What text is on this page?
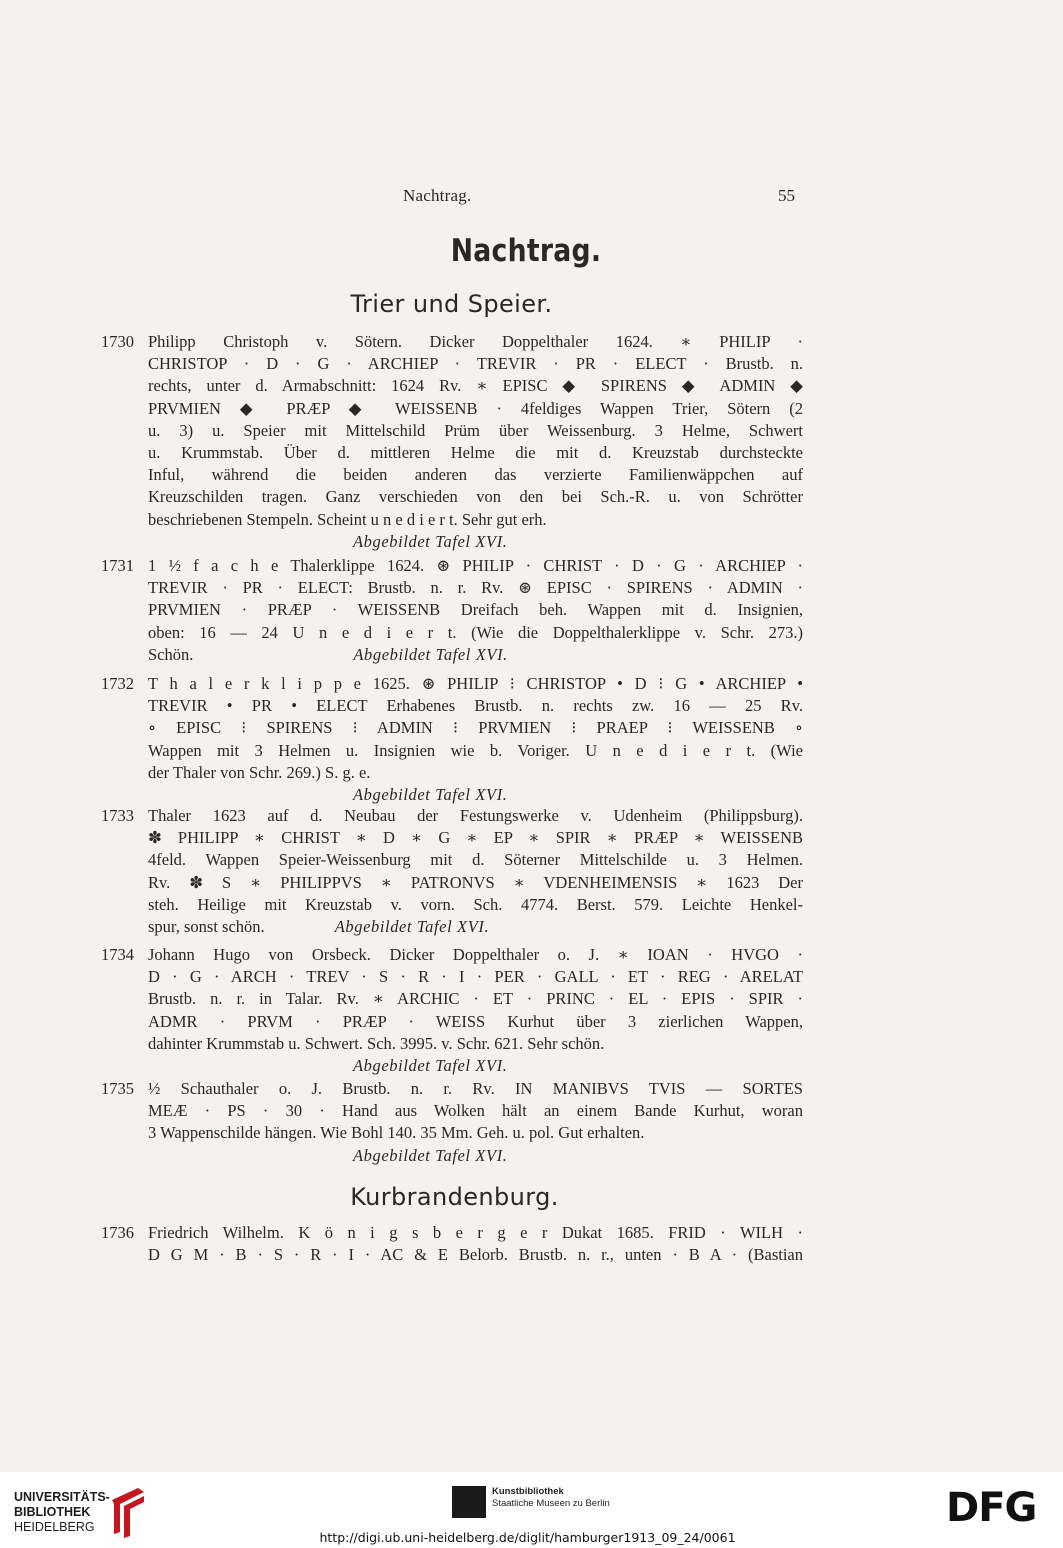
Nachtrag.	55
Nachtrag.
Trier und Speier.
1730 Philipp Christoph v. Sötern. Dicker Doppelthaler 1624. ∗ PHILIP ·
CHRISTOP · D · G · ARCHIEP · TREVIR · PR · ELECT · Brustb. n.
rechts, unter d. Armabschnitt: 1624 Rv. ∗ EPISC ◆ SPIRENS ◆ ADMIN ◆
PRVMIEN ◆ PRÆP ◆ WEISSENB · 4feldiges Wappen Trier, Sötern (2
u. 3) u. Speier mit Mittelschild Prüm über Weissenburg. 3 Helme, Schwert
u. Krummstab. Über d. mittleren Helme die mit d. Kreuzstab durchsteckte
Inful, während die beiden anderen das verzierte Familienwäppchen auf
Kreuzschilden tragen. Ganz verschieden von den bei Sch.-R. u. von Schrötter
beschriebenen Stempeln. Scheint u n e d i e r t. Sehr gut erh.
Abgebildet Tafel XVI.
1731 1 ½ f a c h e Thalerklippe 1624. ⊛ PHILIP · CHRIST · D · G · ARCHIEP ·
TREVIR · PR · ELECT: Brustb. n. r. Rv. ⊛ EPISC · SPIRENS · ADMIN ·
PRVMIEN · PRÆP · WEISSENB Dreifach beh. Wappen mit d. Insignien,
oben: 16 — 24 U n e d i e r t. (Wie die Doppelthalerklippe v. Schr. 273.)
Schön.	Abgebildet Tafel XVI.
1732 T h a l e r k l i p p e 1625. ⊛ PHILIP ⁝ CHRISTOP • D ⁝ G • ARCHIEP •
TREVIR • PR • ELECT Erhabenes Brustb. n. rechts zw. 16 — 25 Rv.
∘ EPISC ⁝ SPIRENS ⁝ ADMIN ⁝ PRVMIEN ⁝ PRAEP ⁝ WEISSENB ∘
Wappen mit 3 Helmen u. Insignien wie b. Voriger. U n e d i e r t. (Wie
der Thaler von Schr. 269.) S. g. e.
Abgebildet Tafel XVI.
1733 Thaler 1623 auf d. Neubau der Festungswerke v. Udenheim (Philippsburg).
✽ PHILIPP ∗ CHRIST ∗ D ∗ G ∗ EP ∗ SPIR ∗ PRÆP ∗ WEISSENB
4feld. Wappen Speier-Weissenburg mit d. Söterner Mittelschilde u. 3 Helmen.
Rv. ✽ S ∗ PHILIPPVS ∗ PATRONVS ∗ VDENHEIMENSIS ∗ 1623 Der
steh. Heilige mit Kreuzstab v. vorn. Sch. 4774. Berst. 579. Leichte Henkel-
spur, sonst schön.	Abgebildet Tafel XVI.
1734 Johann Hugo von Orsbeck. Dicker Doppelthaler o. J. ∗ IOAN · HVGO ·
D · G · ARCH · TREV · S · R · I · PER · GALL · ET · REG · ARELAT
Brustb. n. r. in Talar. Rv. ∗ ARCHIC · ET · PRINC · EL · EPIS · SPIR ·
ADMR · PRVM · PRÆP · WEISS Kurhut über 3 zierlichen Wappen,
dahinter Krummstab u. Schwert. Sch. 3995. v. Schr. 621. Sehr schön.
Abgebildet Tafel XVI.
1735 ½ Schauthaler o. J. Brustb. n. r. Rv. IN MANIBVS TVIS — SORTES
MEÆ · PS · 30 · Hand aus Wolken hält an einem Bande Kurhut, woran
3 Wappenschilde hängen. Wie Bohl 140. 35 Mm. Geh. u. pol. Gut erhalten.
Abgebildet Tafel XVI.
Kurbrandenburg.
1736 Friedrich Wilhelm. K ö n i g s b e r g e r Dukat 1685. FRID · WILH ·
D G M · B · S · R · I · AC & E Belorb. Brustb. n. r., unten · B A · (Bastian
UNIVERSITÄTS-
BIBLIOTHEK
HEIDELBERG
Kunstbibliothek
Staatliche Museen zu Berlin	DFG
http://digi.ub.uni-heidelberg.de/diglit/hamburger1913_09_24/0061
